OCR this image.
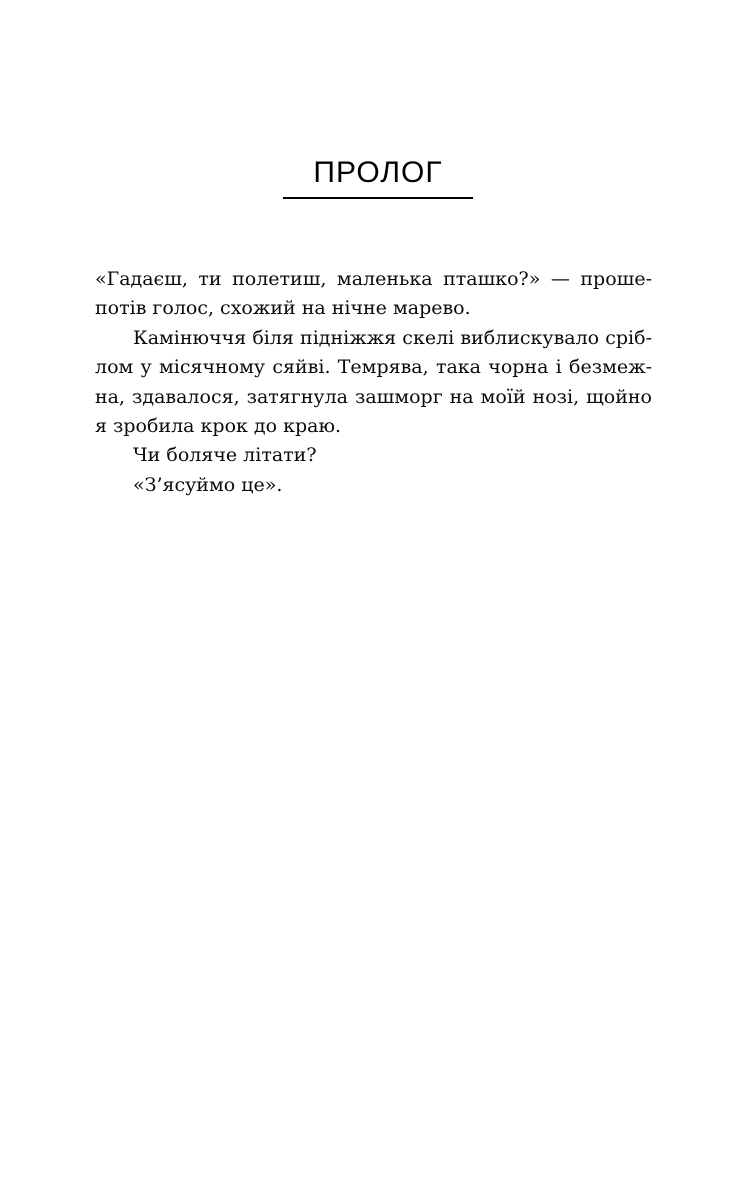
ПРОЛОГ

«Гадаєш, ти полетиш, маленька пташко?» — проше-
потів голос, схожий на нічне марево.

Камінюччя біля підніжжя скелі виблискувало сріб-
лом у місячному сяйві. Темрява, така чорна і безмеж-
на, здавалося, затягнула зашморг на моїй нозі, щойно
я зробила крок до краю.

Чи боляче літати?

«З’ясуймо це».
